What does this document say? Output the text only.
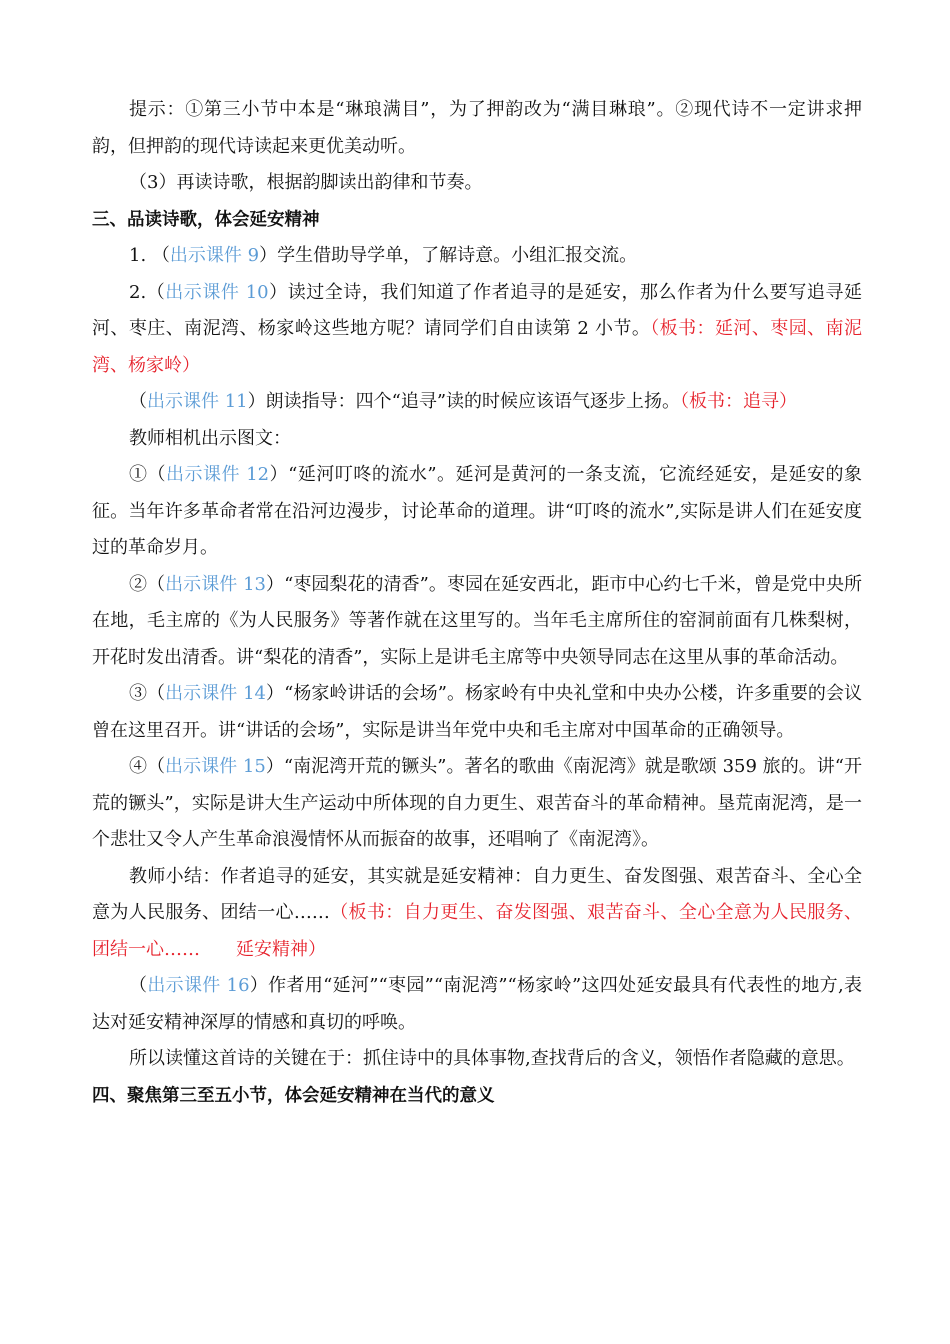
提示：①第三小节中本是“琳琅满目”，为了押韵改为“满目琳琅”。②现代诗不一定讲求押韵，但押韵的现代诗读起来更优美动听。

（3）再读诗歌，根据韵脚读出韵律和节奏。

三、品读诗歌，体会延安精神

1. （出示课件 9）学生借助导学单，了解诗意。小组汇报交流。

2.（出示课件 10）读过全诗，我们知道了作者追寻的是延安，那么作者为什么要写追寻延河、枣庄、南泥湾、杨家岭这些地方呢？请同学们自由读第 2 小节。（板书：延河、枣园、南泥湾、杨家岭）

（出示课件 11）朗读指导：四个“追寻”读的时候应该语气逐步上扬。（板书：追寻）

教师相机出示图文：

①（出示课件 12）“延河叮咚的流水”。延河是黄河的一条支流，它流经延安，是延安的象征。当年许多革命者常在沿河边漫步，讨论革命的道理。讲“叮咚的流水”,实际是讲人们在延安度过的革命岁月。

②（出示课件 13）“枣园梨花的清香”。枣园在延安西北，距市中心约七千米，曾是党中央所在地，毛主席的《为人民服务》等著作就在这里写的。当年毛主席所住的窑洞前面有几株梨树，开花时发出清香。讲“梨花的清香”，实际上是讲毛主席等中央领导同志在这里从事的革命活动。

③（出示课件 14）“杨家岭讲话的会场”。杨家岭有中央礼堂和中央办公楼，许多重要的会议曾在这里召开。讲“讲话的会场”，实际是讲当年党中央和毛主席对中国革命的正确领导。

④（出示课件 15）“南泥湾开荒的镢头”。著名的歌曲《南泥湾》就是歌颂 359 旅的。讲“开荒的镢头”，实际是讲大生产运动中所体现的自力更生、艰苦奋斗的革命精神。垦荒南泥湾，是一个悲壮又令人产生革命浪漫情怀从而振奋的故事，还唱响了《南泥湾》。

教师小结：作者追寻的延安，其实就是延安精神：自力更生、奋发图强、艰苦奋斗、全心全意为人民服务、团结一心……（板书：自力更生、奋发图强、艰苦奋斗、全心全意为人民服务、团结一心……　　延安精神）

（出示课件 16）作者用“延河”“枣园”“南泥湾”“杨家岭”这四处延安最具有代表性的地方,表达对延安精神深厚的情感和真切的呼唤。

所以读懂这首诗的关键在于：抓住诗中的具体事物,查找背后的含义，领悟作者隐藏的意思。

四、聚焦第三至五小节，体会延安精神在当代的意义
